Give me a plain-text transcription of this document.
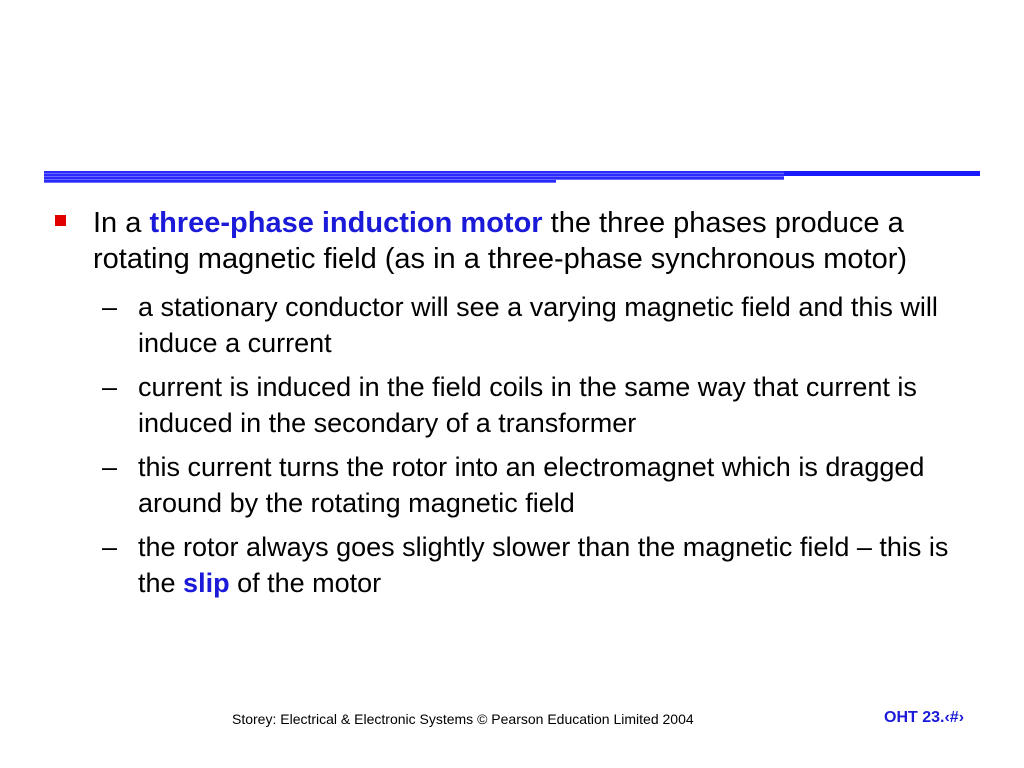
In a three-phase induction motor the three phases produce a rotating magnetic field (as in a three-phase synchronous motor)
– a stationary conductor will see a varying magnetic field and this will induce a current
– current is induced in the field coils in the same way that current is induced in the secondary of a transformer
– this current turns the rotor into an electromagnet which is dragged around by the rotating magnetic field
– the rotor always goes slightly slower than the magnetic field – this is the slip of the motor
Storey: Electrical & Electronic Systems © Pearson Education Limited 2004	OHT 23.‹#›
